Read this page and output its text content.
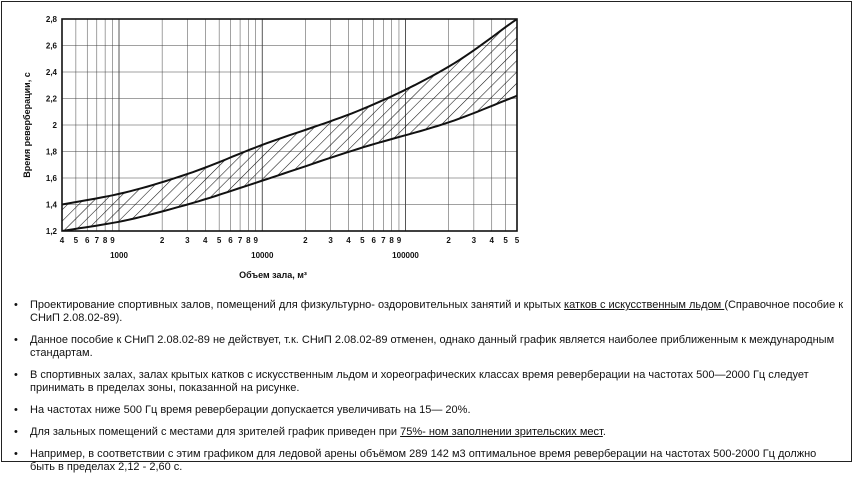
1,2
1,4
1,6
1,8
2
2,2
2,4
2,6
2,8
4 5 6 7 8 9	2	3 4 5 6 7 8 9	2	3 4 5 6 7 8 9	2	3 4 5 5
1000	10000	100000
Время реверберации, с
Объем зала, м³
• Проектирование спортивных залов, помещений для физкультурно- оздоровительных занятий и крытых катков с искусственным льдом (Справочное пособие к СНиП 2.08.02-89).
• Данное пособие к СНиП 2.08.02-89 не действует, т.к. СНиП 2.08.02-89 отменен, однако данный график является наиболее приближенным к международным стандартам.
• В спортивных залах, залах крытых катков с искусственным льдом и хореографических классах время реверберации на частотах 500—2000 Гц следует принимать в пределах зоны, показанной на рисунке.
• На частотах ниже 500 Гц время реверберации допускается увеличивать на 15— 20%.
• Для зальных помещений с местами для зрителей график приведен при 75%- ном заполнении зрительских мест.
• Например, в соответствии с этим графиком для ледовой арены объёмом 289 142 м3 оптимальное время реверберации на частотах 500-2000 Гц должно быть в пределах 2,12 - 2,60 с.
